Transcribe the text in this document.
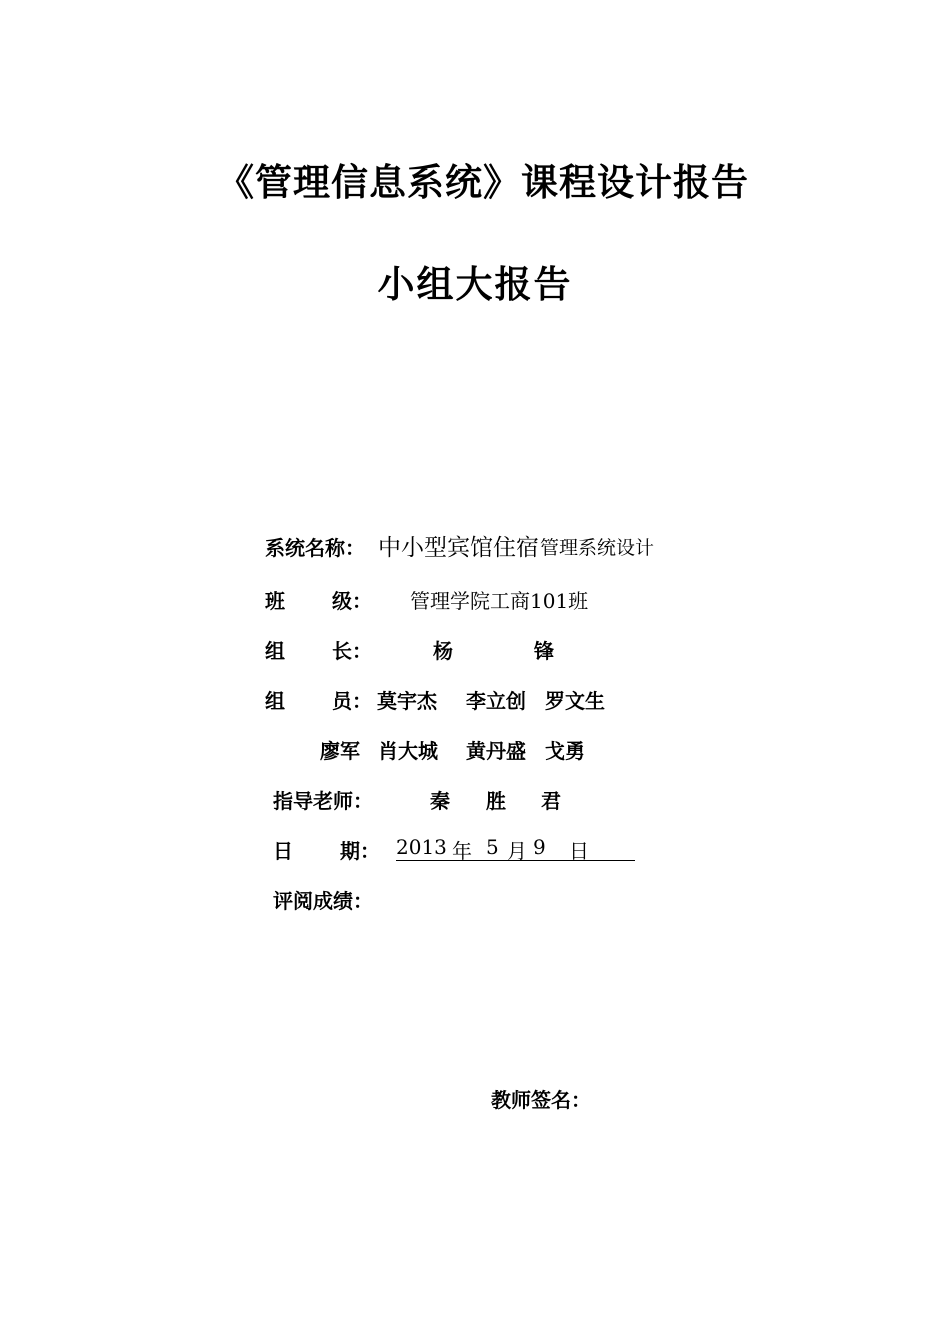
《管理信息系统》课程设计报告
小组大报告
系统名称： 中小型宾馆住宿 管理系统设计
班 级： 管理学院工商101班
组 长：	杨	锋
组 员： 莫宇杰 李立创 罗文生
廖军 肖大城 黄丹盛 戈勇
指导老师：	秦 胜 君
日 期： 2013 年 5 月 9 日
评阅成绩：
教师签名：
